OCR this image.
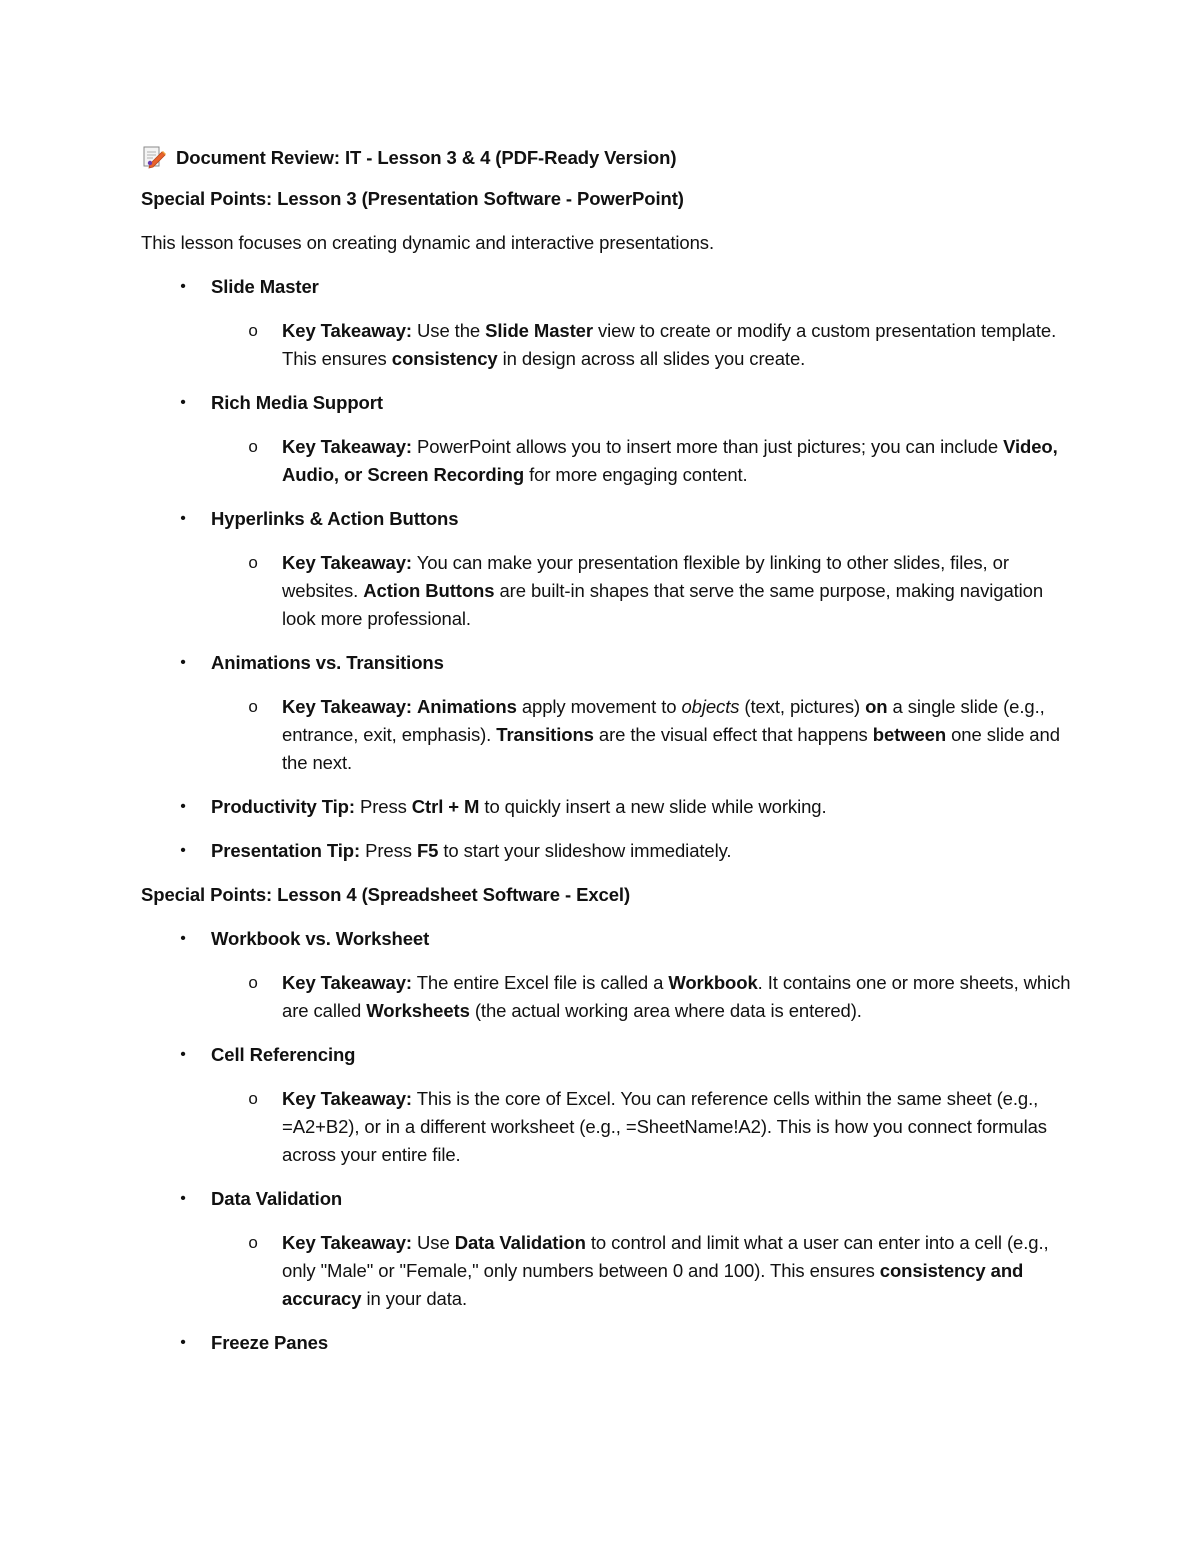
Document Review: IT - Lesson 3 & 4 (PDF-Ready Version)
Special Points: Lesson 3 (Presentation Software - PowerPoint)
This lesson focuses on creating dynamic and interactive presentations.
•	Slide Master
o Key Takeaway: Use the Slide Master view to create or modify a custom presentation template. This ensures consistency in design across all slides you create.
•	Rich Media Support
o Key Takeaway: PowerPoint allows you to insert more than just pictures; you can include Video, Audio, or Screen Recording for more engaging content.
•	Hyperlinks & Action Buttons
o Key Takeaway: You can make your presentation flexible by linking to other slides, files, or websites. Action Buttons are built-in shapes that serve the same purpose, making navigation look more professional.
•	Animations vs. Transitions
o Key Takeaway: Animations apply movement to objects (text, pictures) on a single slide (e.g., entrance, exit, emphasis). Transitions are the visual effect that happens between one slide and the next.
•	Productivity Tip: Press Ctrl + M to quickly insert a new slide while working.
•	Presentation Tip: Press F5 to start your slideshow immediately.
Special Points: Lesson 4 (Spreadsheet Software - Excel)
•	Workbook vs. Worksheet
o Key Takeaway: The entire Excel file is called a Workbook. It contains one or more sheets, which are called Worksheets (the actual working area where data is entered).
•	Cell Referencing
o Key Takeaway: This is the core of Excel. You can reference cells within the same sheet (e.g., =A2+B2), or in a different worksheet (e.g., =SheetName!A2). This is how you connect formulas across your entire file.
•	Data Validation
o Key Takeaway: Use Data Validation to control and limit what a user can enter into a cell (e.g., only "Male" or "Female," only numbers between 0 and 100). This ensures consistency and accuracy in your data.
•	Freeze Panes
